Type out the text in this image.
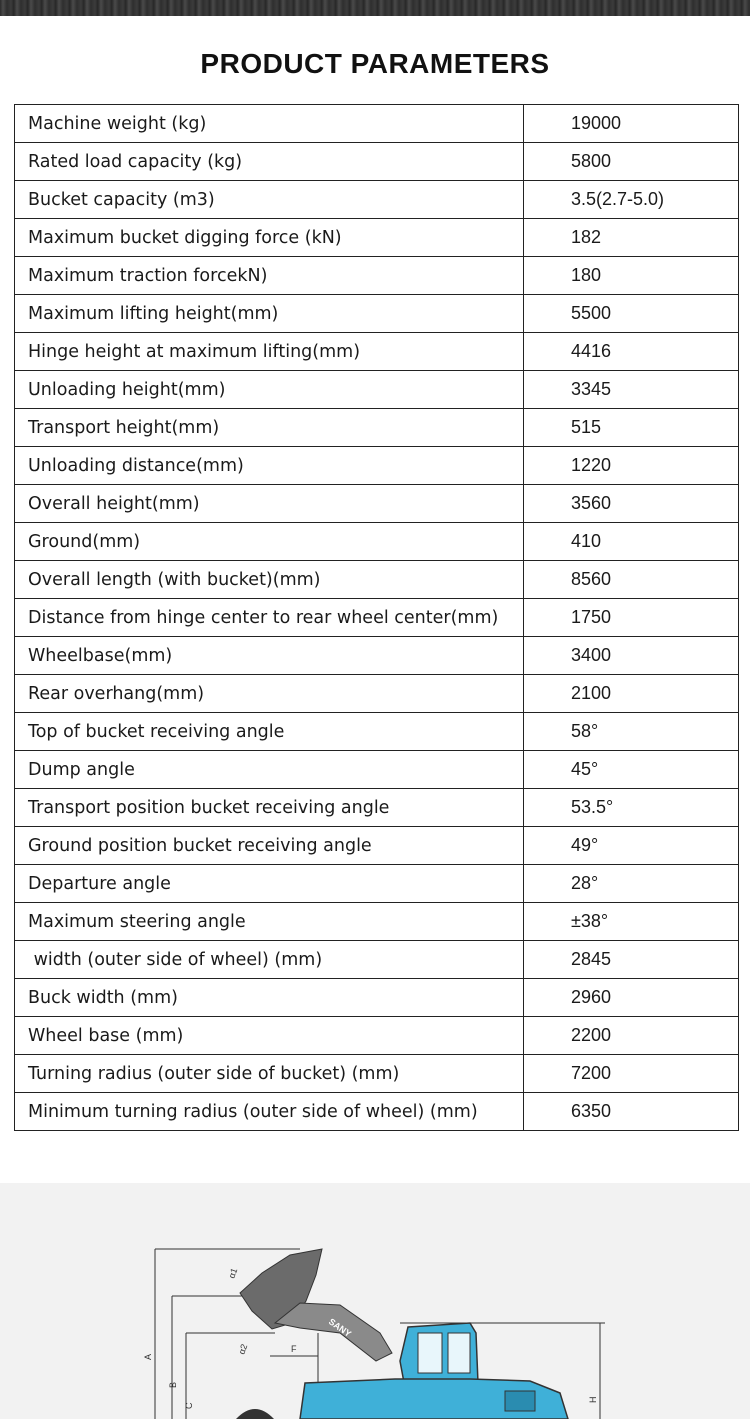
PRODUCT PARAMETERS
Machine weight (kg)	19000
Rated load capacity (kg)	5800
Bucket capacity (m3)	3.5(2.7-5.0)
Maximum bucket digging force (kN)	182
Maximum traction forcekN)	180
Maximum lifting height(mm)	5500
Hinge height at maximum lifting(mm)	4416
Unloading height(mm)	3345
Transport height(mm)	515
Unloading distance(mm)	1220
Overall height(mm)	3560
Ground(mm)	410
Overall length (with bucket)(mm)	8560
Distance from hinge center to rear wheel center(mm)	1750
Wheelbase(mm)	3400
Rear overhang(mm)	2100
Top of bucket receiving angle	58°
Dump angle	45°
Transport position bucket receiving angle	53.5°
Ground position bucket receiving angle	49°
Departure angle	28°
Maximum steering angle	±38°
width (outer side of wheel) (mm)	2845
Buck width (mm)	2960
Wheel base (mm)	2200
Turning radius (outer side of bucket) (mm)	7200
Minimum turning radius (outer side of wheel) (mm)	6350
SANY
α1
α2
A
B
C
F
H
